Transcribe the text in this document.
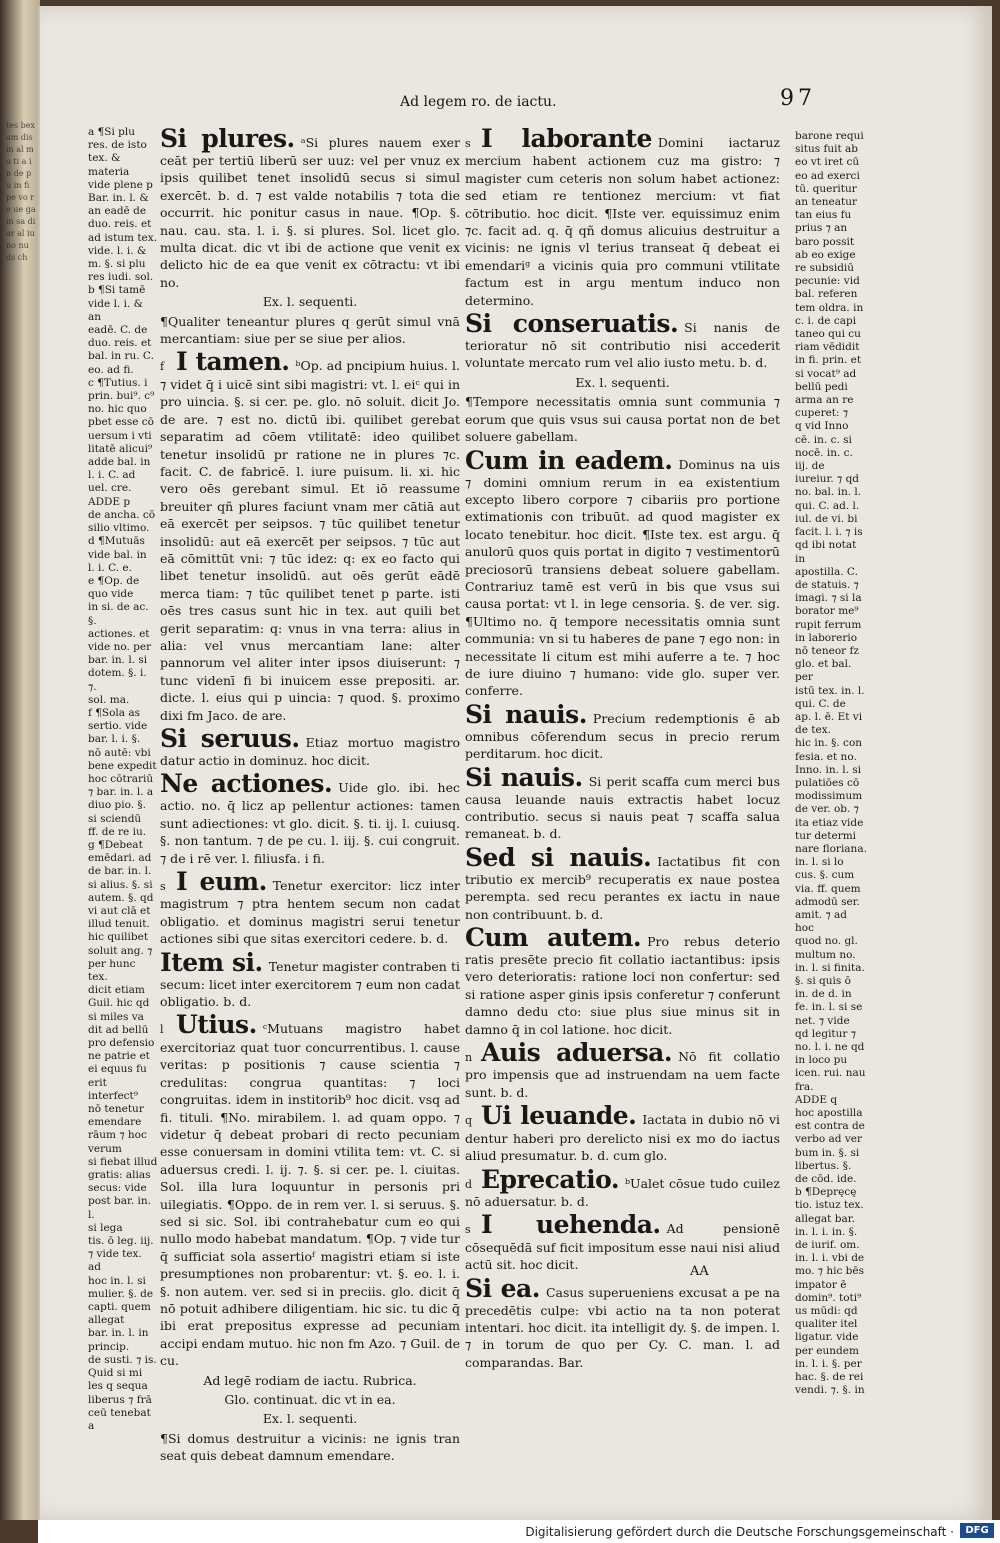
tes bex am dis in al mo ti a in de pu in fi pe vo re ue ga in sa di ar al iu no nu ds ch
Ad legem ro. de iactu.	97
a ¶Si plu
res. de isto
tex. & materia
vide plene p
Bar. in. l. &
an eadē de
duo. reis. et
ad istum tex.
vide. l. i. &
m. §. si plu
res iudi. sol.
b ¶Si tamē
vide l. i. & an
eadē. C. de
duo. reis. et
bal. in ru. C.
eo. ad fi.
c ¶Tutius. i
prin. bui⁹. c⁹
no. hic quo
pbet esse cō
uersum i vti
litatē alicui⁹
adde bal. in
l. i. C. ad
uel. cre.
ADDE p
de ancha. cō
silio vltimo.
d ¶Mutuās
vide bal. in
l. i. C. e.
e ¶Op. de
quo vide
in si. de ac. §.
actiones. et
vide no. per
bar. in. l. si
dotem. §. i. ⁊.
sol. ma.
f ¶Sola as
sertio. vide
bar. l. i. §.
nō autē: vbi
bene expedit
hoc cōtrariū
⁊ bar. in. l. a
diuo pio. §.
si sciendū
ff. de re iu.
g ¶Debeat
emēdari. ad
de bar. in. l.
si alius. §. si
autem. §. qd
vi aut clā et
illud tenuit.
hic quilibet
soluit ang. ⁊
per hunc tex.
dicit etiam
Guil. hic qd
si miles va
dit ad bellū
pro defensio
ne patrie et
ei equus fu
erit interfect⁹
nō tenetur
emendare
rāum ⁊ hoc
verum
si fiebat illud
gratis: alias
secus: vide
post bar. in. l.
si lega
tis. ō leg. iij.
⁊ vide tex. ad
hoc in. l. si
mulier. §. de
capti. quem
allegat
bar. in. l. in
princip.
de susti. ⁊ is.
Quid si mi
les q sequa
liberus ⁊ frā
ceū tenebat a
Si plures. ᵃSi plures nauem exer ceāt per tertiū liberū ser uuz: vel per vnuz ex ipsis quilibet tenet insolidū secus si simul exercēt. b. d. ⁊ est valde notabilis ⁊ tota die occurrit. hic ponitur casus in naue. ¶Op. §. nau. cau. sta. l. i. §. si plures. Sol. licet glo. multa dicat. dic vt ibi de actione que venit ex delicto hic de ea que venit ex cōtractu: vt ibi no.
Ex. l. sequenti.
¶Qualiter teneantur plures q gerūt simul vnā mercantiam: siue per se siue per alios.
f I tamen. ᵇOp. ad pncipium huius. l. ⁊ videt q̄ i uicē sint sibi magistri: vt. l. eiᶜ qui in pro uincia. §. si cer. pe. glo. nō soluit. dicit Jo. de are. ⁊ est no. dictū ibi. quilibet gerebat separatim ad cōem vtilitatē: ideo quilibet tenetur insolidū pr ratione ne in plures ⁊c. facit. C. de fabricē. l. iure puisum. li. xi. hic vero oēs gerebant simul. Et iō reassume breuiter qñ plures faciunt vnam mer cātiā aut eā exercēt per seipsos. ⁊ tūc quilibet tenetur insolidū: aut eā exercēt per seipsos. ⁊ tūc aut eā cōmittūt vni: ⁊ tūc idez: q: ex eo facto qui libet tenetur insolidū. aut oēs gerūt eādē merca tiam: ⁊ tūc quilibet tenet p parte. isti oēs tres casus sunt hic in tex. aut quili bet gerit separatim: q: vnus in vna terra: alius in alia: vel vnus mercantiam lane: alter pannorum vel aliter inter ipsos diuiserunt: ⁊ tunc videnī fi bi inuicem esse prepositi. ar. dicte. l. eius qui p uincia: ⁊ quod. §. proximo dixi fm Jaco. de are.
Si seruus. Etiaz mortuo magistro datur actio in dominuz. hoc dicit.
Ne actiones. Uide glo. ibi. hec actio. no. q̄ licz ap pellentur actiones: tamen sunt adiectiones: vt glo. dicit. §. ti. ij. l. cuiusq. §. non tantum. ⁊ de pe cu. l. iij. §. cui congruit. ⁊ de i rē ver. l. filiusfa. i fi.
s I eum. Tenetur exercitor: licz inter magistrum ⁊ ptra hentem secum non cadat obligatio. et dominus magistri serui tenetur actiones sibi que sitas exercitori cedere. b. d.
Item si. Tenetur magister contraben ti secum: licet inter exercitorem ⁊ eum non cadat obligatio. b. d.
l Utius. ᶜMutuans magistro habet exercitoriaz quat tuor concurrentibus. l. cause veritas: p positionis ⁊ cause scientia ⁊ credulitas: congrua quantitas: ⁊ loci congruitas. idem in institorib⁹ hoc dicit. vsq ad fi. tituli. ¶No. mirabilem. l. ad quam oppo. ⁊ videtur q̄ debeat probari di recto pecuniam esse conuersam in domini vtilita tem: vt. C. si aduersus credi. l. ij. ⁊. §. si cer. pe. l. ciuitas. Sol. illa lura loquuntur in personis pri uilegiatis. ¶Oppo. de in rem ver. l. si seruus. §. sed si sic. Sol. ibi contrahebatur cum eo qui nullo modo habebat mandatum. ¶Op. ⁊ vide tur q̄ sufficiat sola assertioᶠ magistri etiam si iste presumptiones non probarentur: vt. §. eo. l. i. §. non autem. ver. sed si in preciis. glo. dicit q̄ nō potuit adhibere diligentiam. hic sic. tu dic q̄ ibi erat prepositus expresse ad pecuniam accipi endam mutuo. hic non fm Azo. ⁊ Guil. de cu.
Ad legē rodiam de iactu. Rubrica.
Glo. continuat. dic vt in ea.
Ex. l. sequenti.
¶Si domus destruitur a vicinis: ne ignis tran seat quis debeat damnum emendare.
s I laborante Domini iactaruz mercium habent actionem cuz ma gistro: ⁊ magister cum ceteris non solum habet actionez: sed etiam re tentionez mercium: vt fiat cōtributio. hoc dicit. ¶Iste ver. equissimuz enim ⁊c. facit ad. q. q̄ qñ domus alicuius destruitur a vicinis: ne ignis vl terius transeat q̄ debeat ei emendariᵍ a vicinis quia pro communi vtilitate factum est in argu mentum induco non determino.
Si conseruatis. Si nanis de terioratur nō sit contributio nisi accederit voluntate mercato rum vel alio iusto metu. b. d.
Ex. l. sequenti.
¶Tempore necessitatis omnia sunt communia ⁊ eorum que quis vsus sui causa portat non de bet soluere gabellam.
Cum in eadem. Dominus na uis ⁊ domini omnium rerum in ea existentium excepto libero corpore ⁊ cibariis pro portione extimationis con tribuūt. ad quod magister ex locato tenebitur. hoc dicit. ¶Iste tex. est argu. q̄ anulorū quos quis portat in digito ⁊ vestimentorū preciosorū transiens debeat soluere gabellam. Contrariuz tamē est verū in bis que vsus sui causa portat: vt l. in lege censoria. §. de ver. sig. ¶Ultimo no. q̄ tempore necessitatis omnia sunt communia: vn si tu haberes de pane ⁊ ego non: in necessitate li citum est mihi auferre a te. ⁊ hoc de iure diuino ⁊ humano: vide glo. super ver. conferre.
Si nauis. Precium redemptionis ē ab omnibus cōferendum secus in precio rerum perditarum. hoc dicit.
Si nauis. Si perit scaffa cum merci bus causa leuande nauis extractis habet locuz contributio. secus si nauis peat ⁊ scaffa salua remaneat. b. d.
Sed si nauis. Iactatibus fit con tributio ex mercib⁹ recuperatis ex naue postea perempta. sed recu perantes ex iactu in naue non contribuunt. b. d.
Cum autem. Pro rebus deterio ratis presēte precio fit collatio iactantibus: ipsis vero deterioratis: ratione loci non confertur: sed si ratione asper ginis ipsis conferetur ⁊ conferunt damno dedu cto: siue plus siue minus sit in damno q̄ in col latione. hoc dicit.
n Auis aduersa. Nō fit collatio pro impensis que ad instruendam na uem facte sunt. b. d.
q Ui leuande. Iactata in dubio nō vi dentur haberi pro derelicto nisi ex mo do iactus aliud presumatur. b. d. cum glo.
d Eprecatio. ᵇUalet cōsue tudo cuilez nō aduersatur. b. d.
s I uehenda. Ad pensionē cōsequēdā suf ficit impositum esse naui nisi aliud actū sit. hoc dicit.
Si ea. Casus superueniens excusat a pe na precedētis culpe: vbi actio na ta non poterat intentari. hoc dicit. ita intelligit dy. §. de impen. l. ⁊ in torum de quo per Cy. C. man. l. ad comparandas. Bar.
barone requi
situs fuit ab
eo vt iret cū
eo ad exerci
tū. queritur
an teneatur
tan eius fu
prius ⁊ an
baro possit
ab eo exige
re subsidiū
pecunie: vid
bal. referen
tem oldra. in
c. i. de capi
taneo qui cu
riam vēdidit
in fi. prin. et
si vocat⁹ ad
bellū pedi
arma an re
cuperet: ⁊
q vid Inno
cē. in. c. si
nocē. in. c. iij. de
iureiur. ⁊ qd
no. bal. in. l.
qui. C. ad. l.
iul. de vi. bi
facit. l. i. ⁊ is
qd ibi notat in
apostilla. C.
de statuis. ⁊
imagi. ⁊ si la
borator me⁹
rupit ferrum
in laborerio
nō teneor fz
glo. et bal. per
istū tex. in. l.
qui. C. de
ap. l. ē. Et vi
de tex.
hic in. §. con
fesia. et no.
Inno. in. l. si
pulatiōes cō
modissimum
de ver. ob. ⁊
ita etiaz vide
tur determi
nare floriana.
in. l. si lo
cus. §. cum
via. ff. quem
admodū ser.
amit. ⁊ ad hoc
quod no. gl.
multum no.
in. l. si finita.
§. si quis ō
in. de d. in
fe. in. l. si se
net. ⁊ vide
qd legitur ⁊
no. l. i. ne qd
in loco pu
icen. rui. nau
fra.
ADDE q
hoc apostilla
est contra de
verbo ad ver
bum in. §. si
libertus. §.
de cōd. ide.
b ¶Depręcę
tio. istuz tex.
allegat bar.
in. l. i. in. §.
de iurif. om.
in. l. i. vbi de
mo. ⁊ hic bēs
impator ē
domin⁹. toti⁹
us mūdi: qd
qualiter itel
ligatur. vide
per eundem
in. l. i. §. per
hac. §. de rei
vendi. ⁊. §. in
AA
Digitalisierung gefördert durch die Deutsche Forschungsgemeinschaft ·	DFG
